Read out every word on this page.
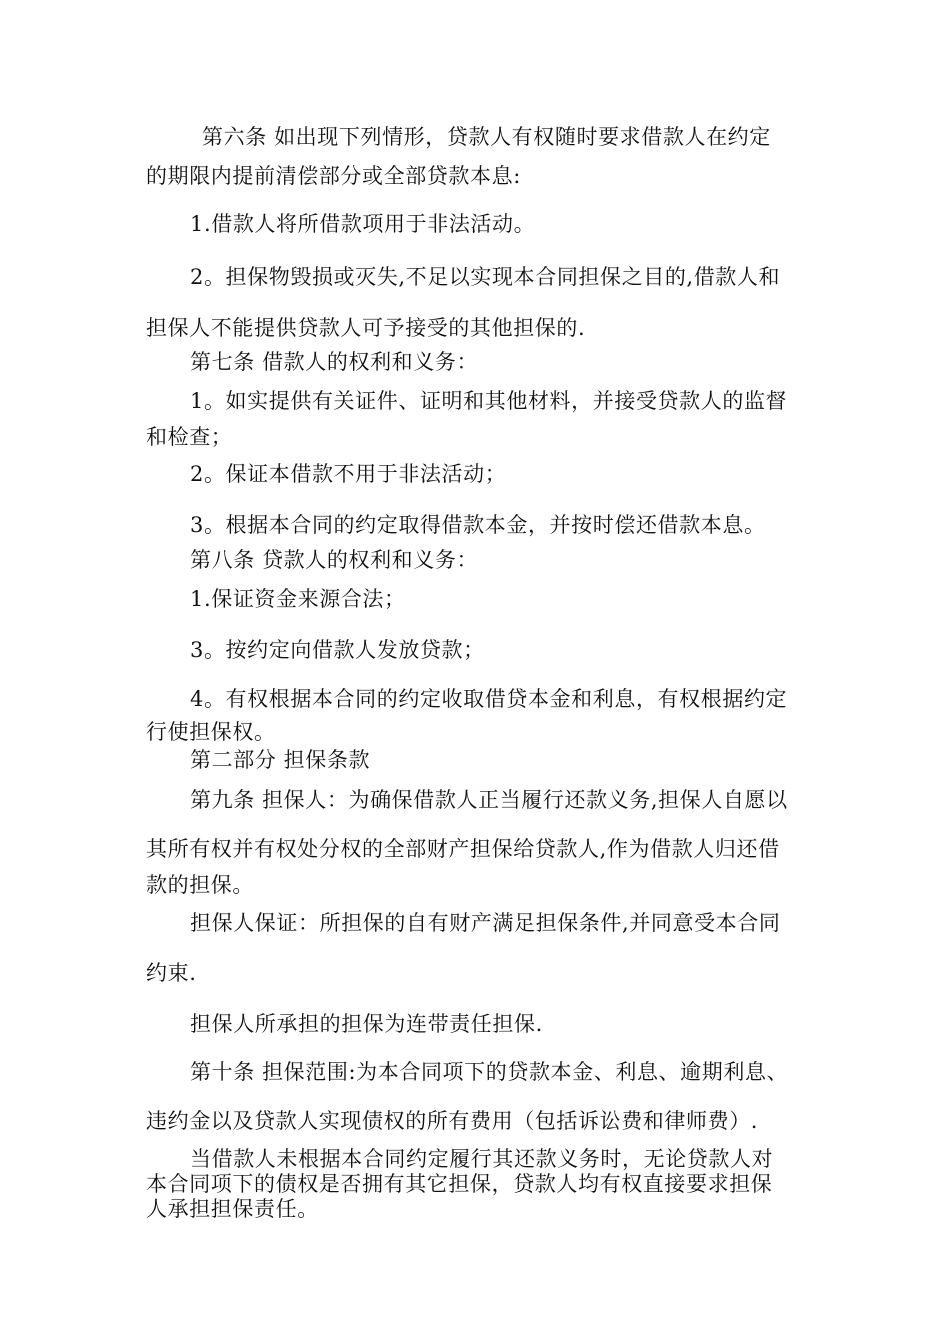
第六条 如出现下列情形，贷款人有权随时要求借款人在约定

的期限内提前清偿部分或全部贷款本息:

1.借款人将所借款项用于非法活动。

2。担保物毁损或灭失,不足以实现本合同担保之目的,借款人和

担保人不能提供贷款人可予接受的其他担保的.

第七条 借款人的权利和义务：

1。如实提供有关证件、证明和其他材料，并接受贷款人的监督

和检查；

2。保证本借款不用于非法活动；

3。根据本合同的约定取得借款本金，并按时偿还借款本息。

第八条 贷款人的权利和义务：

1.保证资金来源合法；

3。按约定向借款人发放贷款；

4。有权根据本合同的约定收取借贷本金和利息，有权根据约定

行使担保权。

第二部分 担保条款

第九条 担保人：为确保借款人正当履行还款义务,担保人自愿以

其所有权并有权处分权的全部财产担保给贷款人,作为借款人归还借

款的担保。

担保人保证：所担保的自有财产满足担保条件,并同意受本合同

约束.

担保人所承担的担保为连带责任担保.

第十条 担保范围:为本合同项下的贷款本金、利息、逾期利息、

违约金以及贷款人实现债权的所有费用（包括诉讼费和律师费）.

当借款人未根据本合同约定履行其还款义务时，无论贷款人对

本合同项下的债权是否拥有其它担保，贷款人均有权直接要求担保

人承担担保责任。
